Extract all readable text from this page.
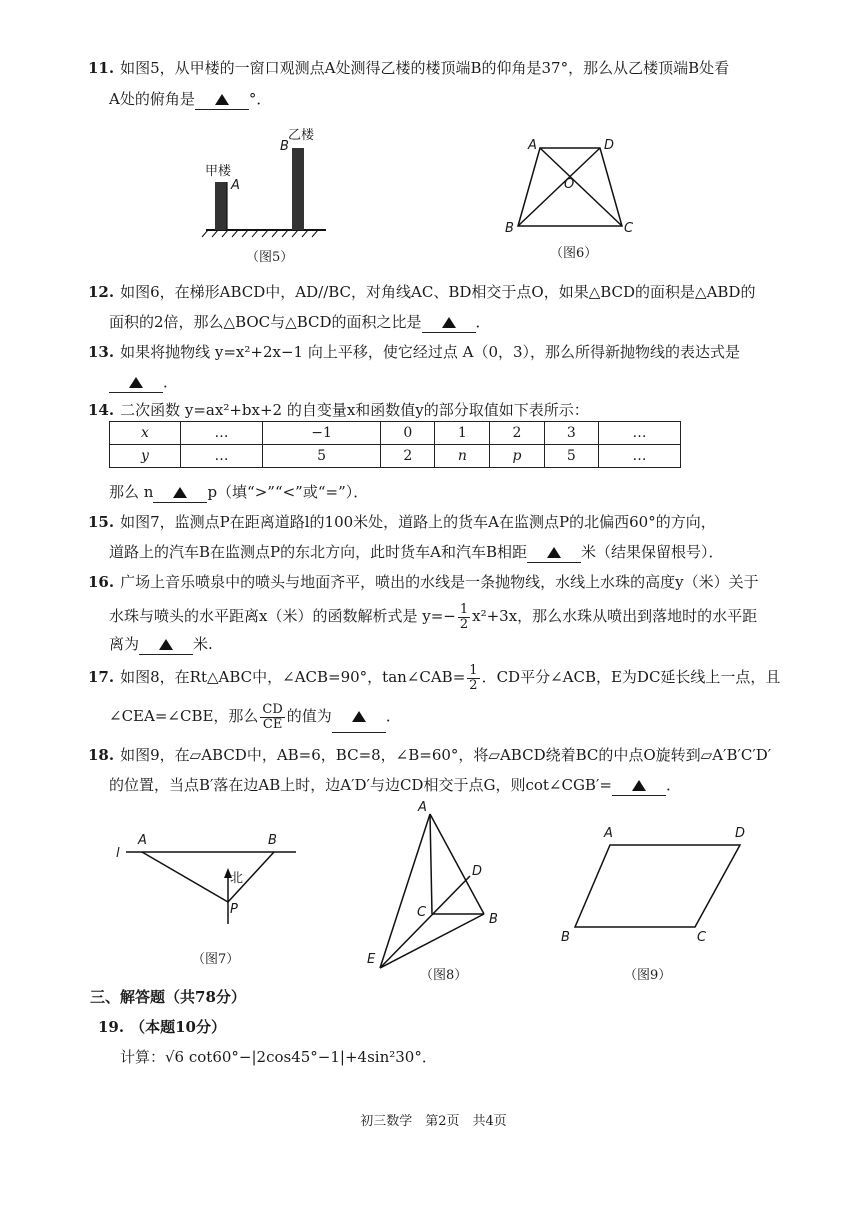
11. 如图5，从甲楼的一窗口观测点A处测得乙楼的楼顶端B的仰角是37°，那么从乙楼顶端B处看
A处的俯角是	°．
甲楼
乙楼
A
B
（图5）
A	D
O
B	C
（图6）
12. 如图6，在梯形ABCD中，AD//BC，对角线AC、BD相交于点O，如果△BCD的面积是△ABD的
面积的2倍，那么△BOC与△BCD的面积之比是	．
13. 如果将抛物线 y=x²+2x−1 向上平移，使它经过点 A（0，3），那么所得新抛物线的表达式是
．
14. 二次函数 y=ax²+bx+2 的自变量x和函数值y的部分取值如下表所示：
x	…	−1	0	1	2	3	…
y	…	5	2	n	p	5	…
那么 n	p（填“>”“<”或“=”）．
15. 如图7，监测点P在距离道路l的100米处，道路上的货车A在监测点P的北偏西60°的方向，
道路上的汽车B在监测点P的东北方向，此时货车A和汽车B相距	米（结果保留根号）．
16. 广场上音乐喷泉中的喷头与地面齐平，喷出的水线是一条抛物线，水线上水珠的高度y（米）关于
水珠与喷头的水平距离x（米）的函数解析式是 $y=- \frac{1}{2} x^2+3x$，那么水珠从喷出到落地时的水平距
离为	米.
17. 如图8，在Rt△ABC中，∠ACB=90°，tan∠CAB= $\frac{1}{2}$ ．CD平分∠ACB，E为DC延长线上一点，且
∠CEA=∠CBE，那么 $\frac{CD}{CE}$ 的值为	．
18. 如图9，在▱ABCD中，AB=6，BC=8，∠B=60°，将▱ABCD绕着BC的中点O旋转到▱A′B′C′D′
的位置，当点B′落在边AB上时，边A′D′与边CD相交于点G，则cot∠CGB′=	．
l
A	B
北
P
（图7）
A
D
C	B
E
（图8）
A	D
B	C
（图9）
三、解答题（共78分）
19. （本题10分）
计算：√6 cot60°−|2cos45°−1|+4sin²30°．
初三数学　第2页　共4页
